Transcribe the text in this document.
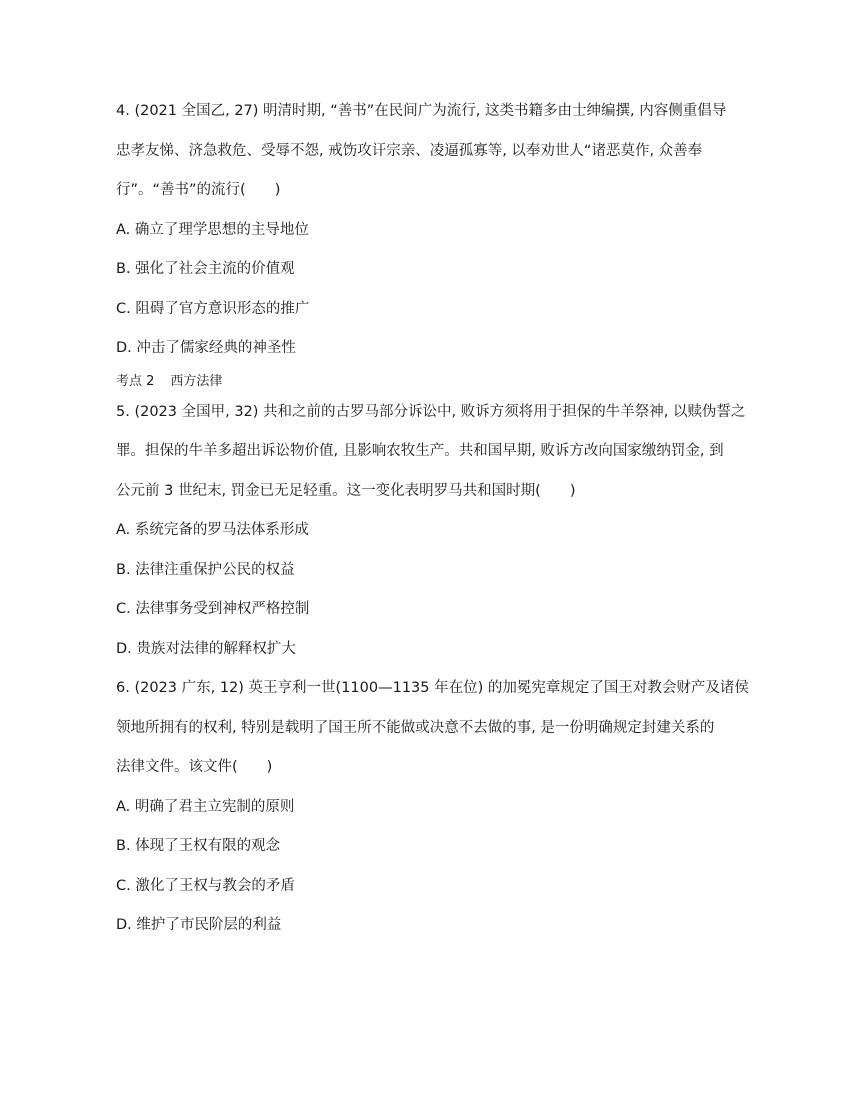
4. (2021 全国乙, 27) 明清时期, “善书”在民间广为流行, 这类书籍多由士绅编撰, 内容侧重倡导
忠孝友悌、济急救危、受辱不怨, 戒饬攻讦宗亲、凌逼孤寡等, 以奉劝世人“诸恶莫作, 众善奉
行”。“善书”的流行(　　)
A. 确立了理学思想的主导地位
B. 强化了社会主流的价值观
C. 阻碍了官方意识形态的推广
D. 冲击了儒家经典的神圣性
考点 2 西方法律
5. (2023 全国甲, 32) 共和之前的古罗马部分诉讼中, 败诉方须将用于担保的牛羊祭神, 以赎伪誓之
罪。担保的牛羊多超出诉讼物价值, 且影响农牧生产。共和国早期, 败诉方改向国家缴纳罚金, 到
公元前 3 世纪末, 罚金已无足轻重。这一变化表明罗马共和国时期(　　)
A. 系统完备的罗马法体系形成
B. 法律注重保护公民的权益
C. 法律事务受到神权严格控制
D. 贵族对法律的解释权扩大
6. (2023 广东, 12) 英王亨利一世(1100—1135 年在位) 的加冕宪章规定了国王对教会财产及诸侯
领地所拥有的权利, 特别是载明了国王所不能做或决意不去做的事, 是一份明确规定封建关系的
法律文件。该文件(　　)
A. 明确了君主立宪制的原则
B. 体现了王权有限的观念
C. 激化了王权与教会的矛盾
D. 维护了市民阶层的利益
